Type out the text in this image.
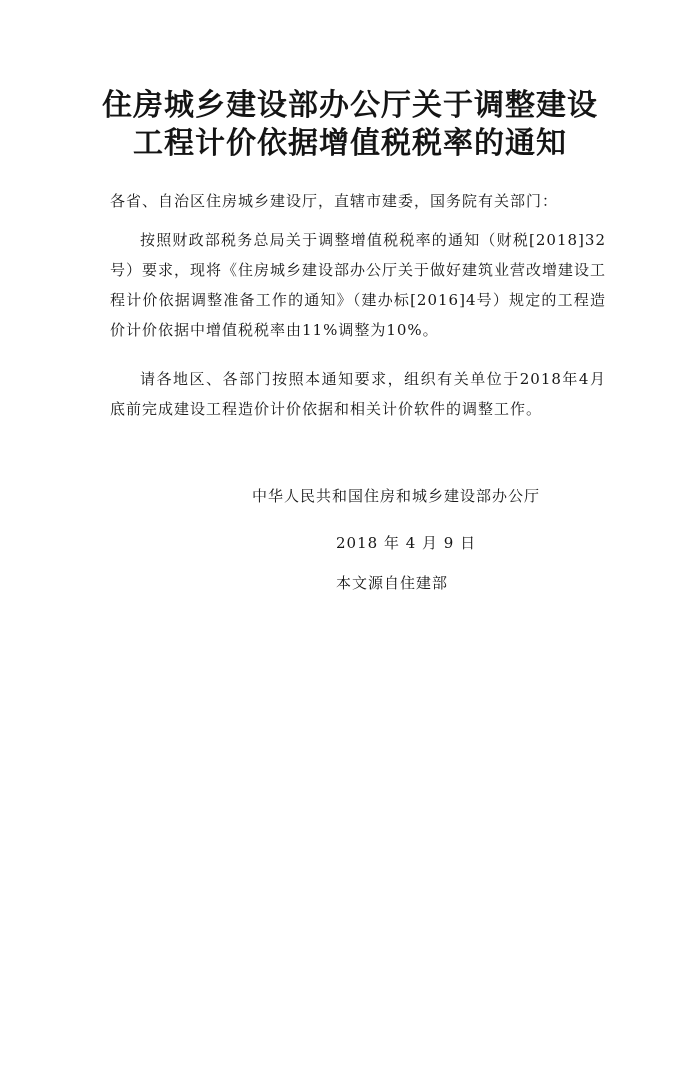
住房城乡建设部办公厅关于调整建设
工程计价依据增值税税率的通知

各省、自治区住房城乡建设厅，直辖市建委，国务院有关部门：

按照财政部税务总局关于调整增值税税率的通知（财税[2018]32号）要求，现将《住房城乡建设部办公厅关于做好建筑业营改增建设工程计价依据调整准备工作的通知》（建办标[2016]4号）规定的工程造价计价依据中增值税税率由11%调整为10%。

请各地区、各部门按照本通知要求，组织有关单位于2018年4月底前完成建设工程造价计价依据和相关计价软件的调整工作。

中华人民共和国住房和城乡建设部办公厅

2018 年 4 月 9 日

本文源自住建部
